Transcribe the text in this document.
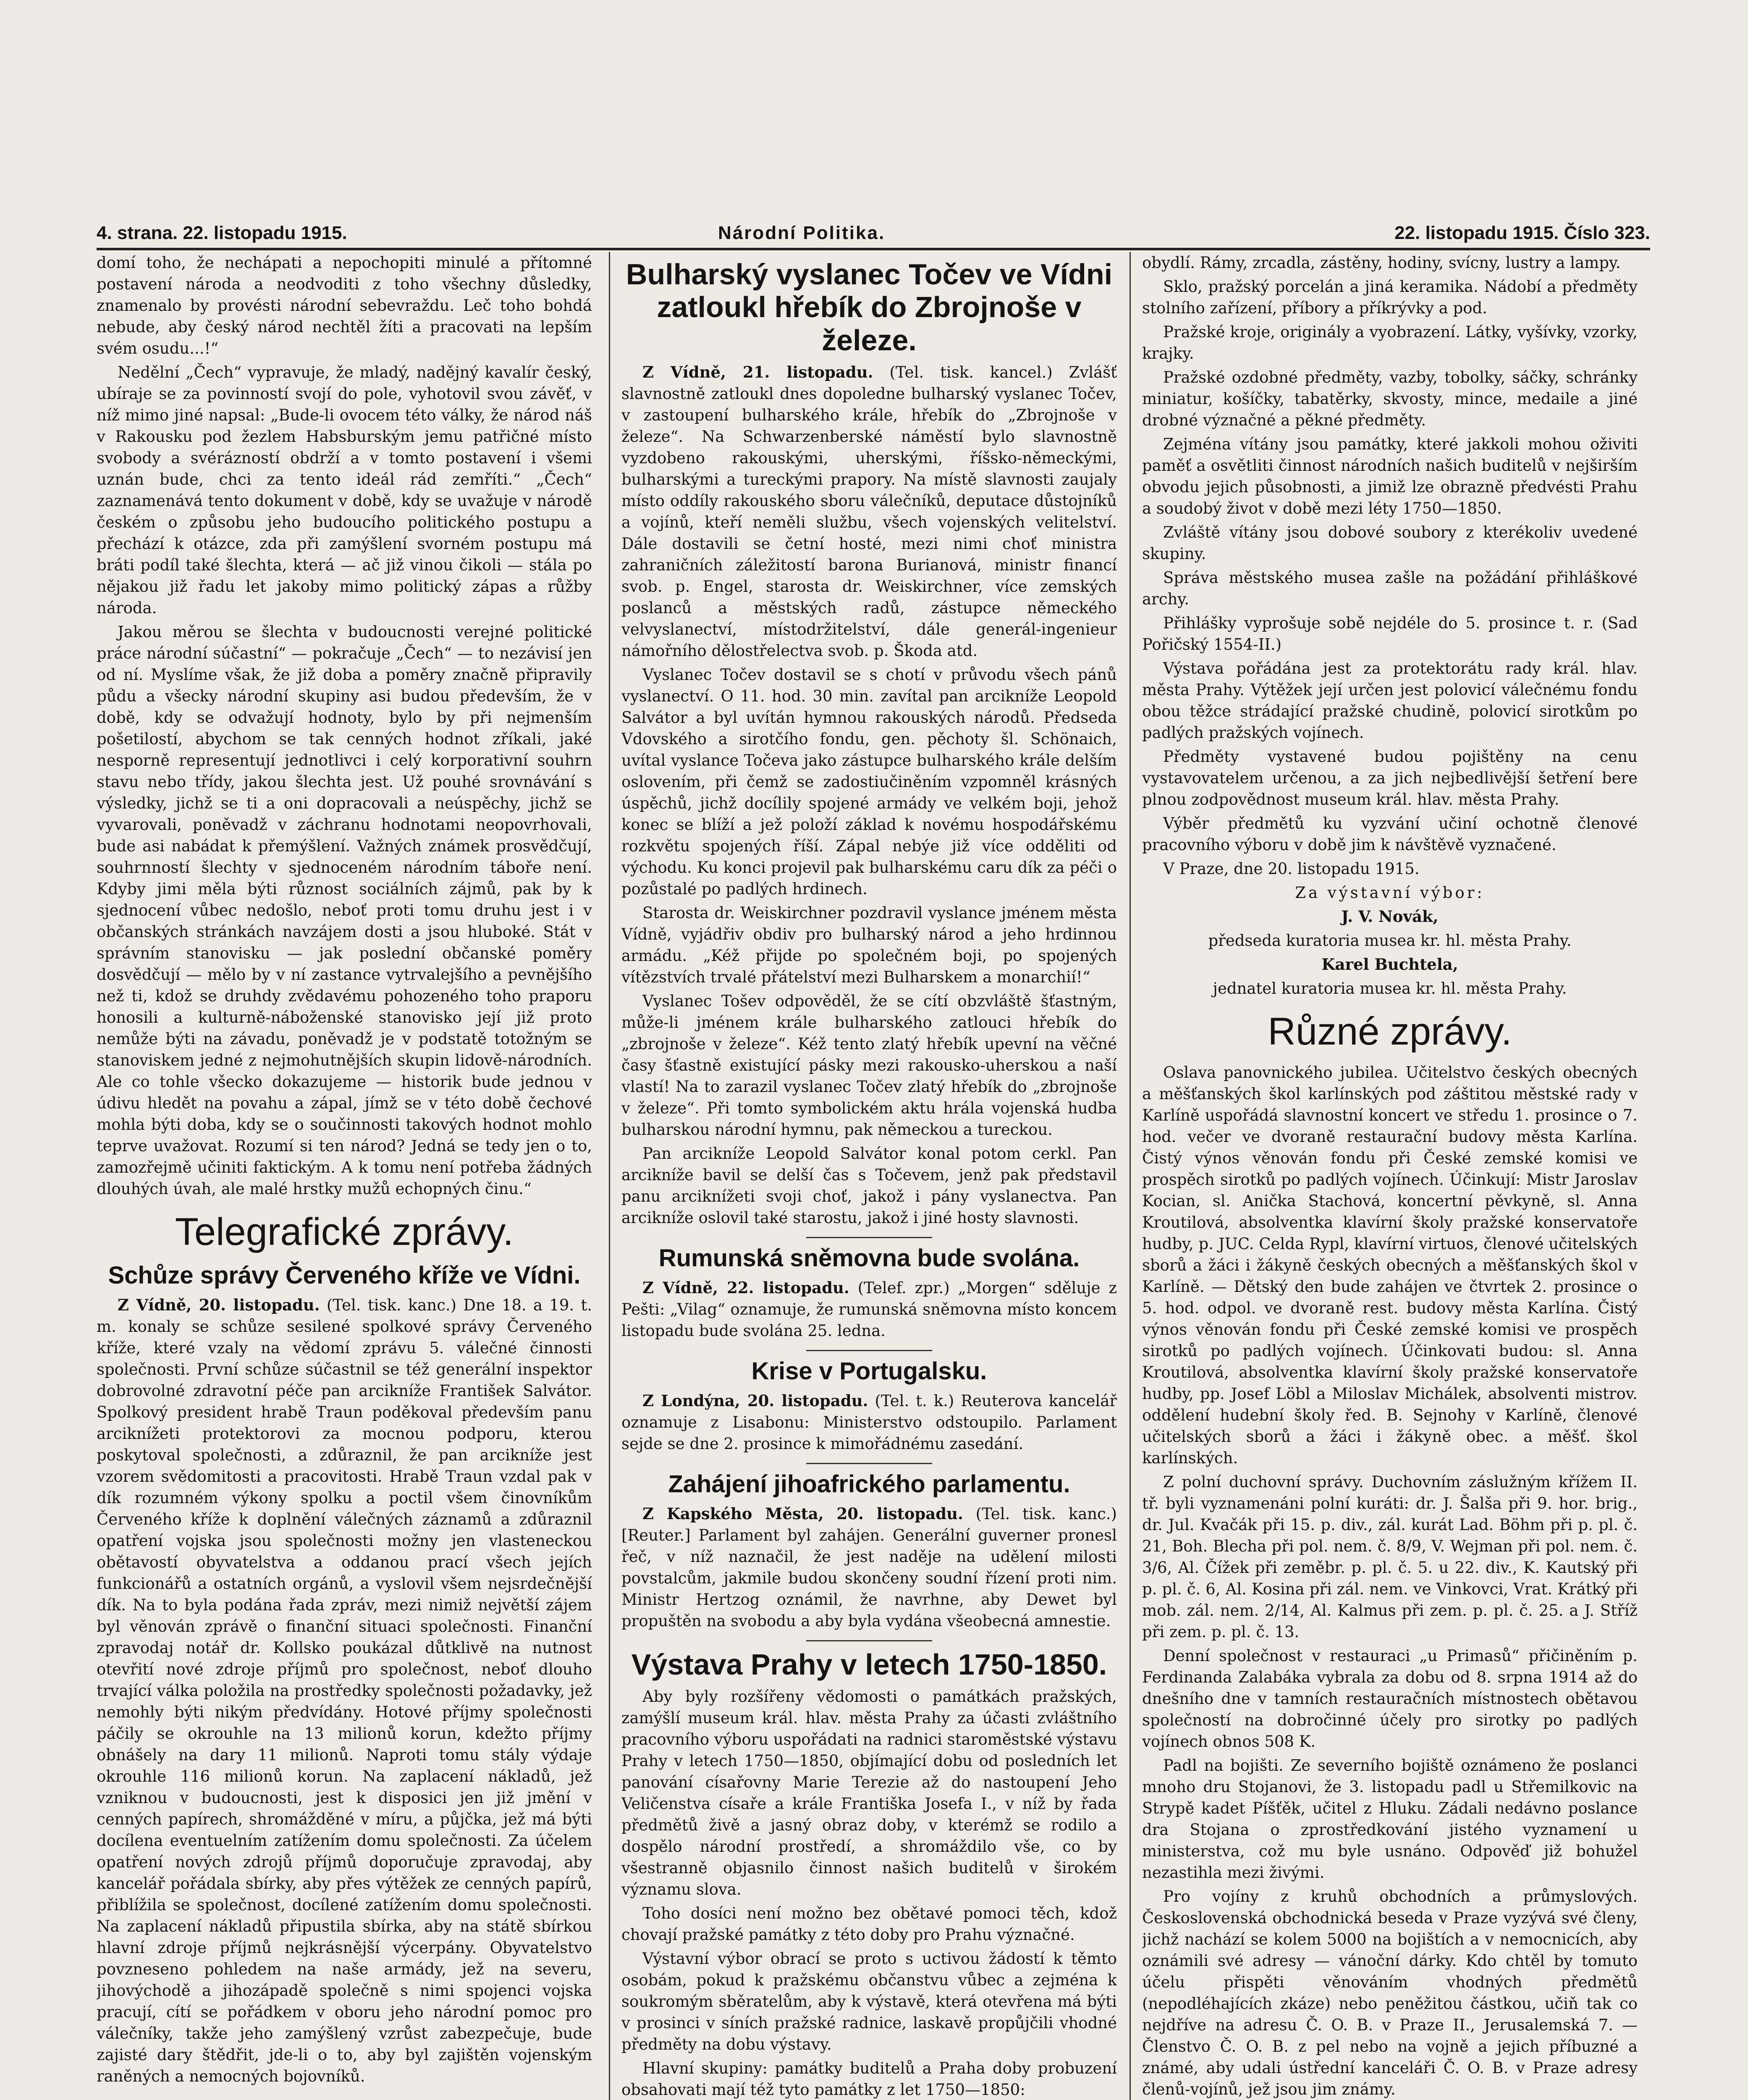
4. strana. 22. listopadu 1915.	Národní Politika.	22. listopadu 1915. Číslo 323.

domí toho, že nechápati a nepochopiti minulé a přítomné postavení národa a neodvoditi z toho všechny důsledky, znamenalo by provésti národní sebevraždu. Leč toho bohdá nebude, aby český národ nechtěl žíti a pracovati na lepším svém osudu...!“

Nedělní „Čech“ vypravuje, že mladý, nadějný kavalír český, ubíraje se za povinností svojí do pole, vyhotovil svou závěť, v níž mimo jiné napsal: „Bude-li ovocem této války, že národ náš v Rakousku pod žezlem Habsburským jemu patřičné místo svobody a svérázností obdrží a v tomto postavení i všemi uznán bude, chci za tento ideál rád zemříti.“ „Čech“ zaznamenává tento dokument v době, kdy se uvažuje v národě českém o způsobu jeho budoucího politického postupu a přechází k otázce, zda při zamýšlení svorném postupu má bráti podíl také šlechta, která — ač již vinou čikoli — stála po nějakou již řadu let jakoby mimo politický zápas a růžby národa.

Jakou měrou se šlechta v budoucnosti verejné politické práce národní súčastní“ — pokračuje „Čech“ — to nezávisí jen od ní. Myslíme však, že již doba a poměry značně připravily půdu a všecky národní skupiny asi budou především, že v době, kdy se odvažují hodnoty, bylo by při nejmenším pošetilostí, abychom se tak cenných hodnot zříkali, jaké nesporně representují jednotlivci i celý korporativní souhrn stavu nebo třídy, jakou šlechta jest. Už pouhé srovnávání s výsledky, jichž se ti a oni dopracovali a neúspěchy, jichž se vyvarovali, poněvadž v záchranu hodnotami neopovrhovali, bude asi nabádat k přemýšlení. Važných známek prosvědčují, souhrnností šlechty v sjednoceném národním táboře není. Kdyby jimi měla býti různost sociálních zájmů, pak by k sjednocení vůbec nedošlo, neboť proti tomu druhu jest i v občanských stránkách navzájem dosti a jsou hluboké. Stát v správním stanovisku — jak poslední občanské poměry dosvědčují — mělo by v ní zastance vytrvalejšího a pevnějšího než ti, kdož se druhdy zvědavému pohozeného toho praporu honosili a kulturně-náboženské stanovisko její již proto nemůže býti na závadu, poněvadž je v podstatě totožným se stanoviskem jedné z nejmohutnějších skupin lidově-národních. Ale co tohle všecko dokazujeme — historik bude jednou v údivu hledět na povahu a zápal, jímž se v této době čechové mohla býti doba, kdy se o součinnosti takových hodnot mohlo teprve uvažovat. Rozumí si ten národ? Jedná se tedy jen o to, zamozřejmě učiniti faktickým. A k tomu není potřeba žádných dlouhých úvah, ale malé hrstky mužů echopných činu.“

Telegrafické zprávy.
Schůze správy Červeného kříže ve Vídni.

Z Vídně, 20. listopadu. (Tel. tisk. kanc.) Dne 18. a 19. t. m. konaly se schůze sesilené spolkové správy Červeného kříže, které vzaly na vědomí zprávu 5. válečné činnosti společnosti. První schůze súčastnil se též generální inspektor dobrovolné zdravotní péče pan arcikníže František Salvátor. Spolkový president hrabě Traun poděkoval především panu arciknížeti protektorovi za mocnou podporu, kterou poskytoval společnosti, a zdůraznil, že pan arcikníže jest vzorem svědomitosti a pracovitosti. Hrabě Traun vzdal pak v dík rozumném výkony spolku a poctil všem činovníkům Červeného kříže k doplnění válečných záznamů a zdůraznil opatření vojska jsou společnosti možny jen vlasteneckou obětavostí obyvatelstva a oddanou prací všech jejích funkcionářů a ostatních orgánů, a vyslovil všem nejsrdečnější dík. Na to byla podána řada zpráv, mezi nimiž největší zájem byl věnován zprávě o finanční situaci společnosti. Finanční zpravodaj notář dr. Kollsko poukázal důtklivě na nutnost otevřití nové zdroje příjmů pro společnost, neboť dlouho trvající válka položila na prostředky společnosti požadavky, jež nemohly býti nikým předvídány. Hotové příjmy společnosti páčily se okrouhle na 13 milionů korun, kdežto příjmy obnášely na dary 11 milionů. Naproti tomu stály výdaje okrouhle 116 milionů korun. Na zaplacení nákladů, jež vzniknou v budoucnosti, jest k disposici jen již jmění v cenných papírech, shromážděné v míru, a půjčka, jež má býti docílena eventuelním zatížením domu společnosti. Za účelem opatření nových zdrojů příjmů doporučuje zpravodaj, aby kancelář pořádala sbírky, aby přes výtěžek ze cenných papírů, přiblížila se společnost, docílené zatížením domu společnosti. Na zaplacení nákladů připustila sbírka, aby na státě sbírkou hlavní zdroje příjmů nejkrásnější výcerpány. Obyvatelstvo povzneseno pohledem na naše armády, jež na severu, jihovýchodě a jihozápadě společně s nimi spojenci vojska pracují, cítí se pořádkem v oboru jeho národní pomoc pro válečníky, takže jeho zamýšlený vzrůst zabezpečuje, bude zajisté dary štědřit, jde-li o to, aby byl zajištěn vojenským raněných a nemocných bojovníků.

Bulharský vyslanec Točev ve Vídni zatloukl hřebík do Zbrojnoše v železe.

Z Vídně, 21. listopadu. (Tel. tisk. kancel.) Zvlášť slavnostně zatloukl dnes dopoledne bulharský vyslanec Točev, v zastoupení bulharského krále, hřebík do „Zbrojnoše v železe“. Na Schwarzenberské náměstí bylo slavnostně vyzdobeno rakouskými, uherskými, říšsko-německými, bulharskými a tureckými prapory. Na místě slavnosti zaujaly místo oddíly rakouského sboru válečníků, deputace důstojníků a vojínů, kteří neměli službu, všech vojenských velitelství. Dále dostavili se četní hosté, mezi nimi choť ministra zahraničních záležitostí barona Burianová, ministr financí svob. p. Engel, starosta dr. Weiskirchner, více zemských poslanců a městských radů, zástupce německého velvyslanectví, místodržitelství, dále generál-ingenieur námořního dělostřelectva svob. p. Škoda atd.

Vyslanec Točev dostavil se s chotí v průvodu všech pánů vyslanectví. O 11. hod. 30 min. zavítal pan arcikníže Leopold Salvátor a byl uvítán hymnou rakouských národů. Předseda Vdovského a sirotčího fondu, gen. pěchoty šl. Schönaich, uvítal vyslance Točeva jako zástupce bulharského krále delším oslovením, při čemž se zadostiučiněním vzpomněl krásných úspěchů, jichž docílily spojené armády ve velkém boji, jehož konec se blíží a jež položí základ k novému hospodářskému rozkvětu spojených říší. Zápal nebýe již více odděliti od východu. Ku konci projevil pak bulharskému caru dík za péči o pozůstalé po padlých hrdinech.

Starosta dr. Weiskirchner pozdravil vyslance jménem města Vídně, vyjádřiv obdiv pro bulharský národ a jeho hrdinnou armádu. „Kéž přijde po společném boji, po spojených vítězstvích trvalé přátelství mezi Bulharskem a monarchií!“

Vyslanec Tošev odpověděl, že se cítí obzvláště šťastným, může-li jménem krále bulharského zatlouci hřebík do „zbrojnoše v železe“. Kéž tento zlatý hřebík upevní na věčné časy šťastně existující pásky mezi rakousko-uherskou a naší vlastí! Na to zarazil vyslanec Točev zlatý hřebík do „zbrojnoše v železe“. Při tomto symbolickém aktu hrála vojenská hudba bulharskou národní hymnu, pak německou a tureckou.

Pan arcikníže Leopold Salvátor konal potom cerkl. Pan arcikníže bavil se delší čas s Točevem, jenž pak představil panu arciknížeti svoji choť, jakož i pány vyslanectva. Pan arcikníže oslovil také starostu, jakož i jiné hosty slavnosti.

Rumunská sněmovna bude svolána.

Z Vídně, 22. listopadu. (Telef. zpr.) „Morgen“ sděluje z Pešti: „Vilag“ oznamuje, že rumunská sněmovna místo koncem listopadu bude svolána 25. ledna.

Krise v Portugalsku.

Z Londýna, 20. listopadu. (Tel. t. k.) Reuterova kancelář oznamuje z Lisabonu: Ministerstvo odstoupilo. Parlament sejde se dne 2. prosince k mimořádnému zasedání.

Zahájení jihoafrického parlamentu.

Z Kapského Města, 20. listopadu. (Tel. tisk. kanc.) [Reuter.] Parlament byl zahájen. Generální guverner pronesl řeč, v níž naznačil, že jest naděje na udělení milosti povstalcům, jakmile budou skončeny soudní řízení proti nim. Ministr Hertzog oznámil, že navrhne, aby Dewet byl propuštěn na svobodu a aby byla vydána všeobecná amnestie.

Výstava Prahy v letech 1750-1850.

Aby byly rozšířeny vědomosti o památkách pražských, zamýšlí museum král. hlav. města Prahy za účasti zvláštního pracovního výboru uspořádati na radnici staroměstské výstavu Prahy v letech 1750—1850, objímající dobu od posledních let panování císařovny Marie Terezie až do nastoupení Jeho Veličenstva císaře a krále Františka Josefa I., v níž by řada předmětů živě a jasný obraz doby, v kterémž se rodilo a dospělo národní prostředí, a shromáždilo vše, co by všestranně objasnilo činnost našich buditelů v širokém významu slova.

Toho dosíci není možno bez obětavé pomoci těch, kdož chovají pražské památky z této doby pro Prahu význačné.

Výstavní výbor obrací se proto s uctivou žádostí k těmto osobám, pokud k pražskému občanstvu vůbec a zejména k soukromým sběratelům, aby k výstavě, která otevřena má býti v prosinci v síních pražské radnice, laskavě propůjčili vhodné předměty na dobu výstavy.

Hlavní skupiny: památky buditelů a Praha doby probuzení obsahovati mají též tyto památky z let 1750—1850:

obydlí. Rámy, zrcadla, zástěny, hodiny, svícny, lustry a lampy.

Sklo, pražský porcelán a jiná keramika. Nádobí a předměty stolního zařízení, příbory a příkrývky a pod.

Pražské kroje, originály a vyobrazení. Látky, vyšívky, vzorky, krajky.

Pražské ozdobné předměty, vazby, tobolky, sáčky, schránky miniatur, košíčky, tabatěrky, skvosty, mince, medaile a jiné drobné význačné a pěkné předměty.

Zejména vítány jsou památky, které jakkoli mohou oživiti paměť a osvětliti činnost národních našich buditelů v nejširším obvodu jejich působnosti, a jimiž lze obrazně předvésti Prahu a soudobý život v době mezi léty 1750—1850.

Zvláště vítány jsou dobové soubory z kterékoliv uvedené skupiny.

Správa městského musea zašle na požádání přihláškové archy.

Přihlášky vyprošuje sobě nejdéle do 5. prosince t. r. (Sad Pořičský 1554-II.)

Výstava pořádána jest za protektorátu rady král. hlav. města Prahy. Výtěžek její určen jest polovicí válečnému fondu obou těžce strádající pražské chudině, polovicí sirotkům po padlých pražských vojínech.

Předměty vystavené budou pojištěny na cenu vystavovatelem určenou, a za jich nejbedlivější šetření bere plnou zodpovědnost museum král. hlav. města Prahy.

Výběr předmětů ku vyzvání učiní ochotně členové pracovního výboru v době jim k návštěvě vyznačené.

V Praze, dne 20. listopadu 1915.

Za výstavní výbor:

J. V. Novák,

předseda kuratoria musea kr. hl. města Prahy.

Karel Buchtela,

jednatel kuratoria musea kr. hl. města Prahy.

Různé zprávy.

Oslava panovnického jubilea. Učitelstvo českých obecných a měšťanských škol karlínských pod záštitou městské rady v Karlíně uspořádá slavnostní koncert ve středu 1. prosince o 7. hod. večer ve dvoraně restaurační budovy města Karlína. Čistý výnos věnován fondu při České zemské komisi ve prospěch sirotků po padlých vojínech. Účinkují: Mistr Jaroslav Kocian, sl. Anička Stachová, koncertní pěvkyně, sl. Anna Kroutilová, absolventka klavírní školy pražské konservatoře hudby, p. JUC. Celda Rypl, klavírní virtuos, členové učitelských sborů a žáci i žákyně českých obecných a měšťanských škol v Karlíně. — Dětský den bude zahájen ve čtvrtek 2. prosince o 5. hod. odpol. ve dvoraně rest. budovy města Karlína. Čistý výnos věnován fondu při České zemské komisi ve prospěch sirotků po padlých vojínech. Účinkovati budou: sl. Anna Kroutilová, absolventka klavírní školy pražské konservatoře hudby, pp. Josef Löbl a Miloslav Michálek, absolventi mistrov. oddělení hudební školy řed. B. Sejnohy v Karlíně, členové učitelských sborů a žáci i žákyně obec. a měšť. škol karlínských.

Z polní duchovní správy. Duchovním záslužným křížem II. tř. byli vyznamenáni polní kuráti: dr. J. Šalša při 9. hor. brig., dr. Jul. Kvačák při 15. p. div., zál. kurát Lad. Böhm při p. pl. č. 21, Boh. Blecha při pol. nem. č. 8/9, V. Wejman při pol. nem. č. 3/6, Al. Čížek při zeměbr. p. pl. č. 5. u 22. div., K. Kautský při p. pl. č. 6, Al. Kosina při zál. nem. ve Vinkovci, Vrat. Krátký při mob. zál. nem. 2/14, Al. Kalmus při zem. p. pl. č. 25. a J. Stříž při zem. p. pl. č. 13.

Denní společnost v restauraci „u Primasů“ přičiněním p. Ferdinanda Zalabáka vybrala za dobu od 8. srpna 1914 až do dnešního dne v tamních restauračních místnostech obětavou společností na dobročinné účely pro sirotky po padlých vojínech obnos 508 K.

Padl na bojišti. Ze severního bojiště oznámeno že poslanci mnoho dru Stojanovi, že 3. listopadu padl u Střemilkovic na Strypě kadet Píšťěk, učitel z Hluku. Zádali nedávno poslance dra Stojana o zprostředkování jistého vyznamení u ministerstva, což mu byle usnáno. Odpověď již bohužel nezastihla mezi živými.

Pro vojíny z kruhů obchodních a průmyslových. Československá obchodnická beseda v Praze vyzývá své členy, jichž nachází se kolem 5000 na bojištích a v nemocnicích, aby oznámili své adresy — vánoční dárky. Kdo chtěl by tomuto účelu přispěti věnováním vhodných předmětů (nepodléhajících zkáze) nebo peněžitou částkou, učiň tak co nejdříve na adresu Č. O. B. v Praze II., Jerusalemská 7. — Členstvo Č. O. B. z pel nebo na vojně a jejich příbuzné a známé, aby udali ústřední kanceláři Č. O. B. v Praze adresy členů-vojínů, jež jsou jim známy.
